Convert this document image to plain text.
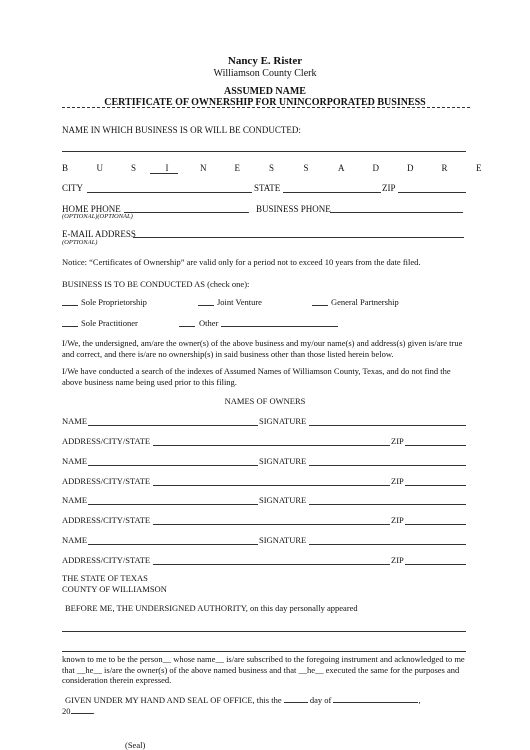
Nancy E. Rister
Williamson County Clerk
ASSUMED NAME
CERTIFICATE OF OWNERSHIP FOR UNINCORPORATED BUSINESS
NAME IN WHICH BUSINESS IS OR WILL BE CONDUCTED:
B	U	S	I	N	E	S	S	A	D	D	R	E
CITY	STATE	ZIP
HOME PHONE	BUSINESS PHONE
(OPTIONAL)(OPTIONAL)
E-MAIL ADDRESS
(OPTIONAL)
Notice: “Certificates of Ownership” are valid only for a period not to exceed 10 years from the date filed.
BUSINESS IS TO BE CONDUCTED AS (check one):
Sole Proprietorship	Joint Venture	General Partnership
Sole Practitioner	Other
I/We, the undersigned, am/are the owner(s) of the above business and my/our name(s) and address(s) given is/are true and correct, and there is/are no ownership(s) in said business other than those listed herein below.
I/We have conducted a search of the indexes of Assumed Names of Williamson County, Texas, and do not find the above business name being used prior to this filing.
NAMES OF OWNERS
NAME	SIGNATURE
ADDRESS/CITY/STATE	ZIP
NAME	SIGNATURE
ADDRESS/CITY/STATE	ZIP
NAME	SIGNATURE
ADDRESS/CITY/STATE	ZIP
NAME	SIGNATURE
ADDRESS/CITY/STATE	ZIP
THE STATE OF TEXAS
COUNTY OF WILLIAMSON
BEFORE ME, THE UNDERSIGNED AUTHORITY, on this day personally appeared
known to me to be the person__ whose name__ is/are subscribed to the foregoing instrument and acknowledged to me that __he__ is/are the owner(s) of the above named business and that __he__ executed the same for the purposes and consideration therein expressed.
GIVEN UNDER MY HAND AND SEAL OF OFFICE, this the	day of	,
20	.
(Seal)
